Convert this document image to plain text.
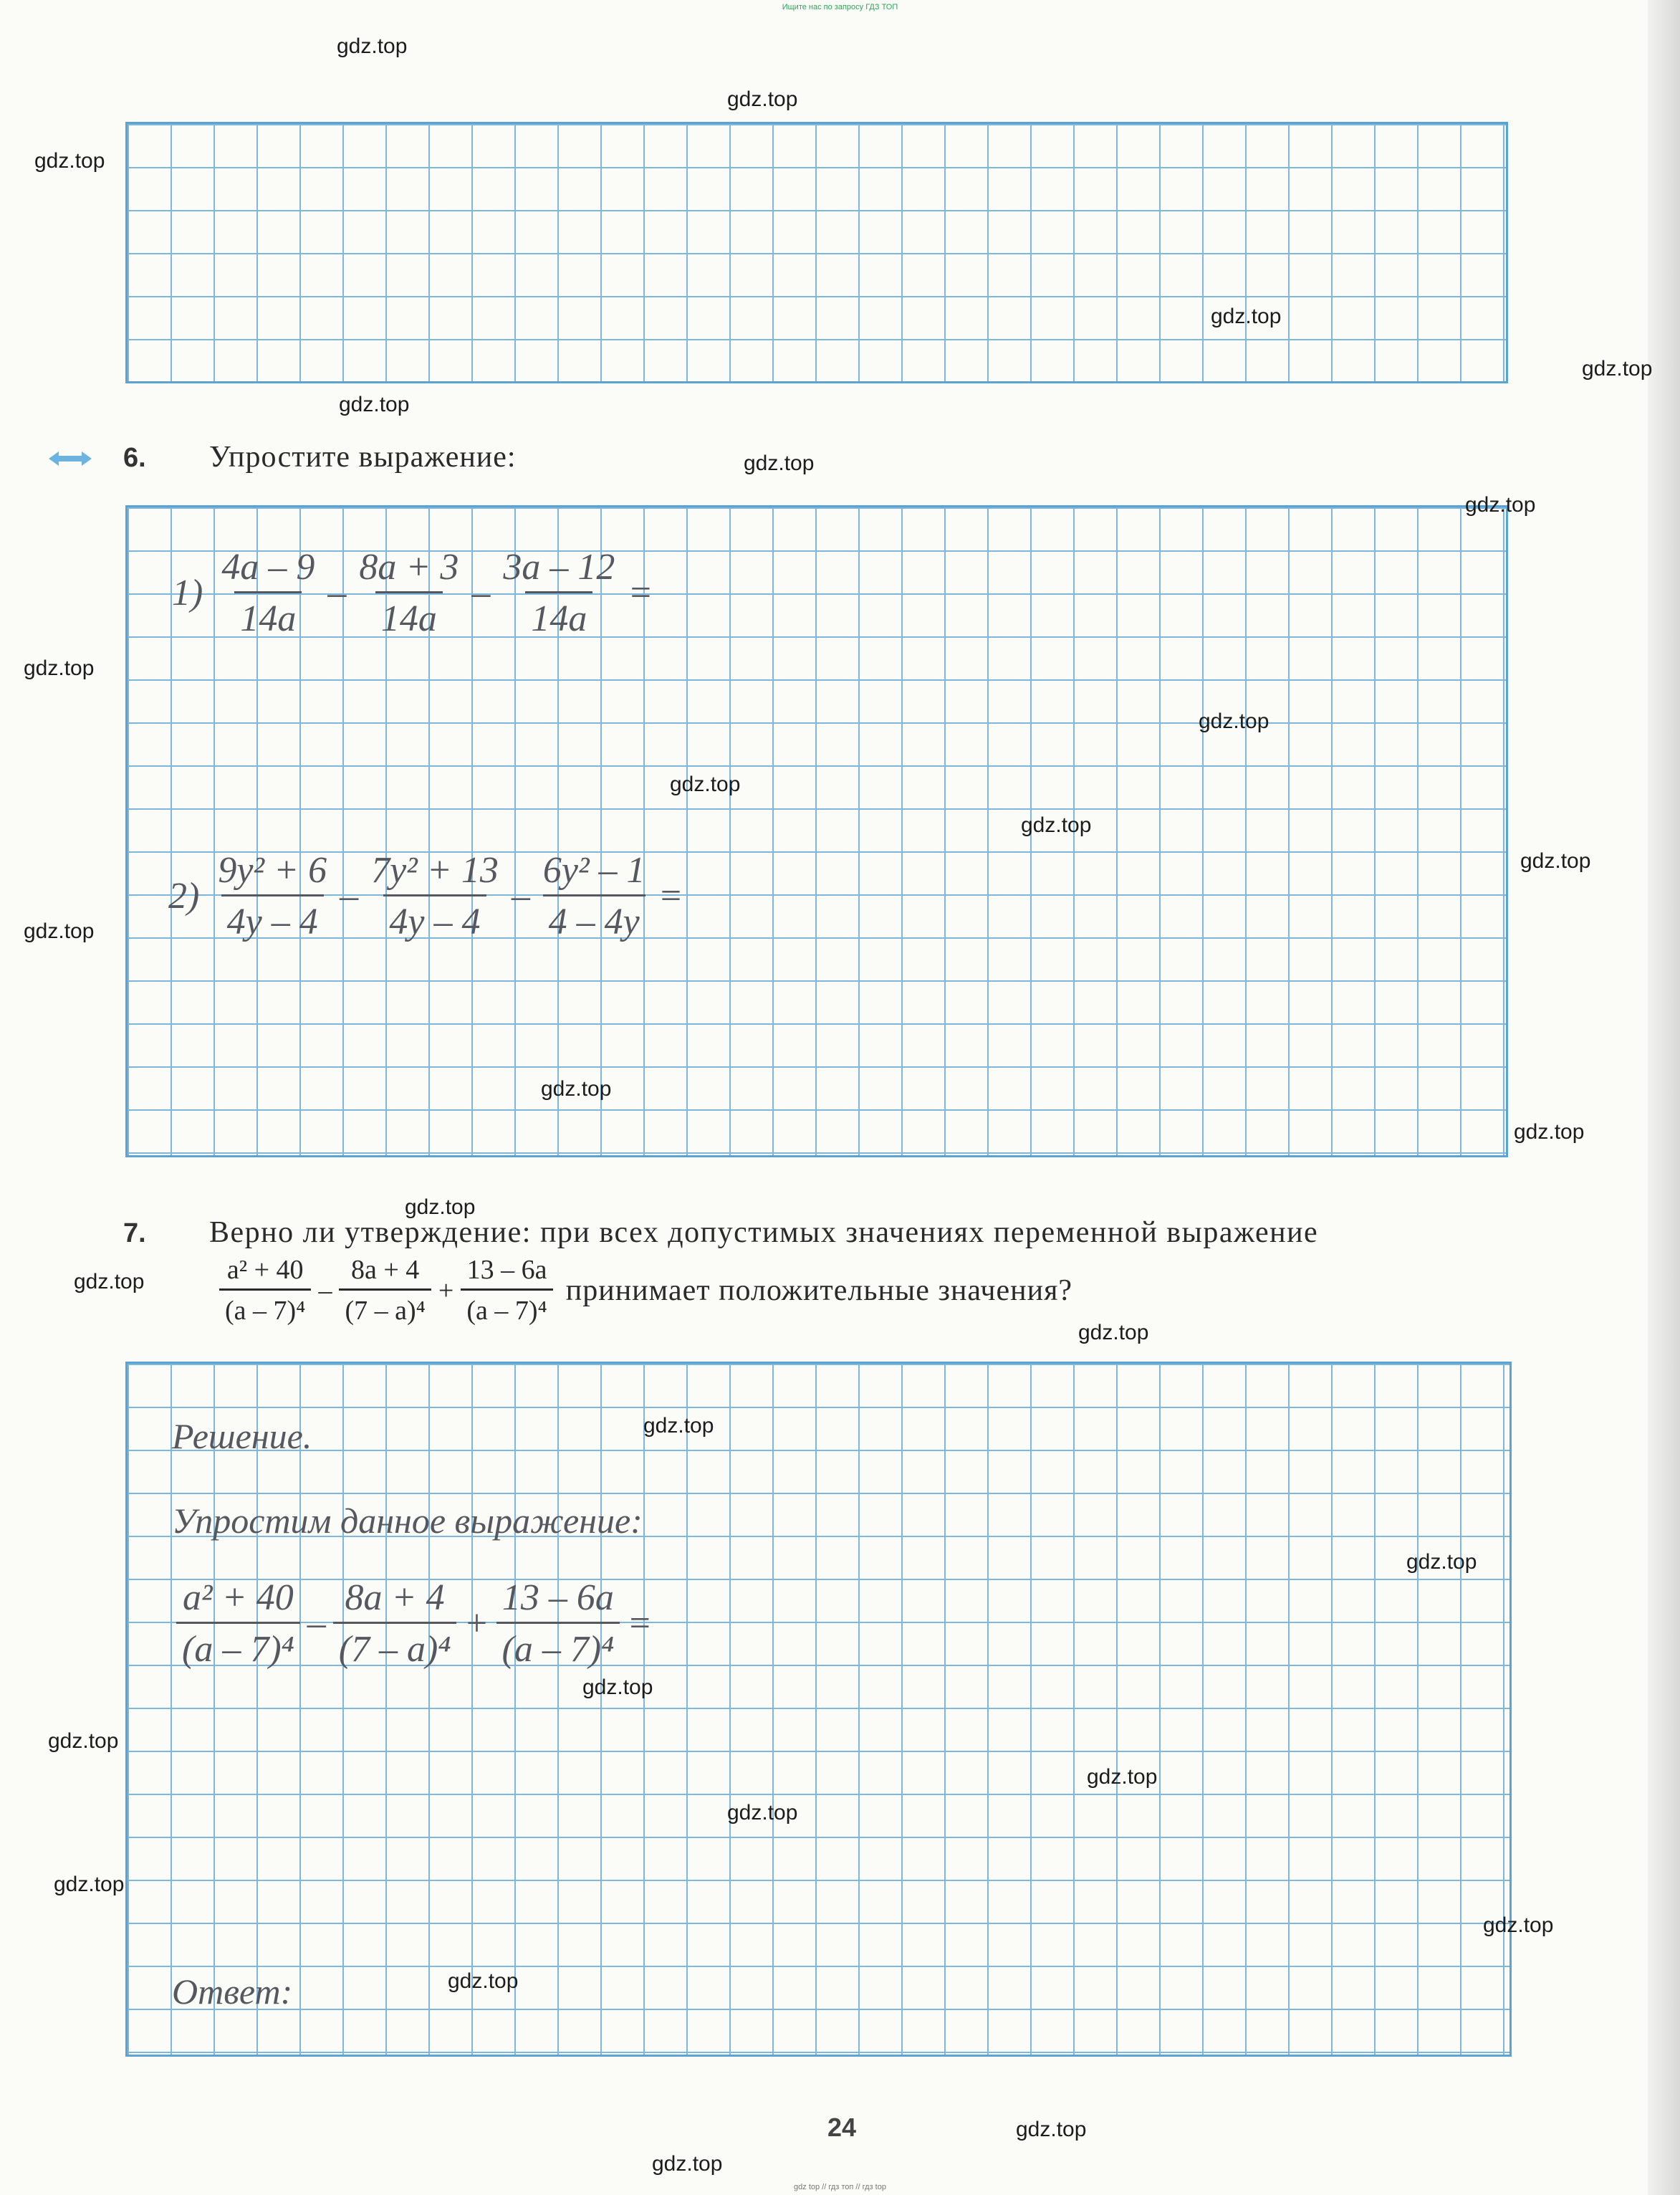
Ищите нас по запросу ГДЗ ТОП
6. Упростите выражение:
$1) \frac{4a - 9}{14a} - \frac{8a + 3}{14a} - \frac{3a - 12}{14a}$ =
$2) \frac{\text{9y² + 6}}{4y - 4} - \frac{\text{7y² + 13}}{4y - 4} - \frac{\text{6y² – 1}}{4 - 4y}$ =
7. Верно ли утверждение: при всех допустимых значениях переменной выражение
$\frac{\text{a² + 40}}{\text{(a – 7)⁴}} - \frac{8a + 4}{\text{(7 – a)⁴}} + \frac{13 - 6a}{\text{(a – 7)⁴}}$ принимает положительные значения?
Решение.
Упростим данное выражение:
$\frac{\text{a² + 40}}{\text{(a – 7)⁴}} - \frac{8a + 4}{\text{(7 – a)⁴}} + \frac{13 - 6a}{\text{(a – 7)⁴}}$ =
Ответ:
24
gdz.top
gdz.top
gdz.top
gdz.top
gdz.top
gdz.top
gdz.top
gdz.top
gdz.top
gdz.top
gdz.top
gdz.top
gdz.top
gdz.top
gdz.top
gdz.top
gdz.top
gdz.top
gdz.top
gdz.top
gdz.top
gdz.top
gdz.top
gdz.top
gdz.top
gdz.top
gdz.top
gdz.top
gdz.top
gdz.top
gdz top // гдз топ // гдз top
